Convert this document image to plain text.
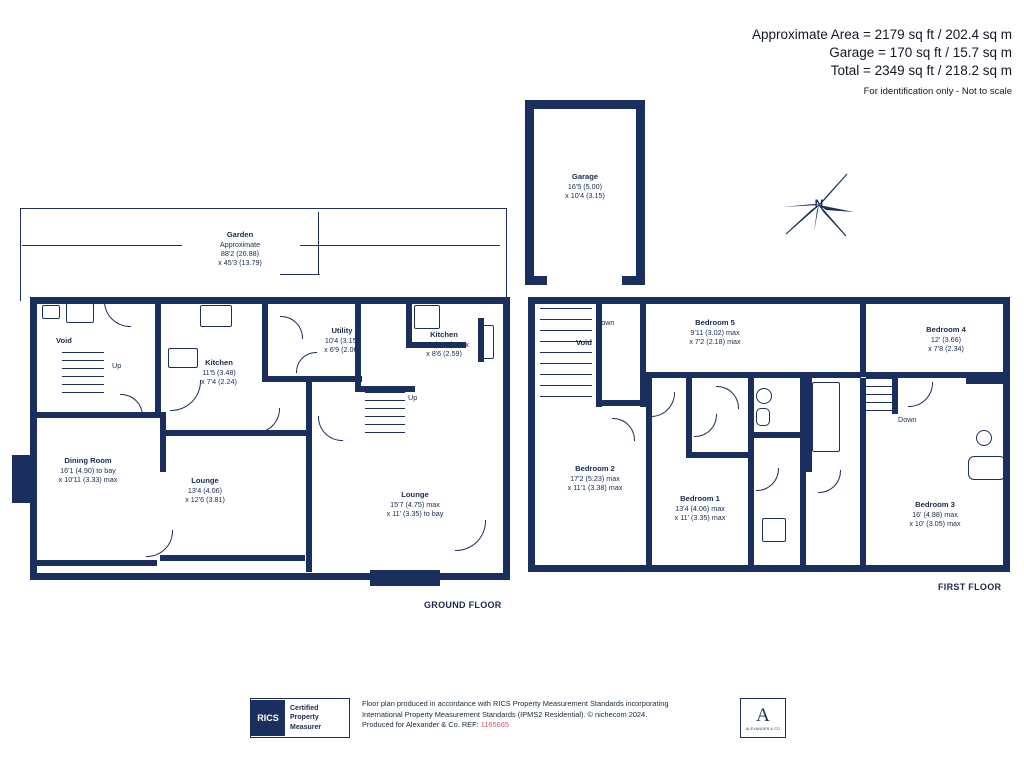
Approximate Area = 2179 sq ft / 202.4 sq m
Garage = 170 sq ft / 15.7 sq m
Total = 2349 sq ft / 218.2 sq m
For identification only - Not to scale
Garage
16'5 (5.00)
x 10'4 (3.15)
N
Garden
Approximate
88'2 (26.88)
x 45'3 (13.79)
Up
Up
Void
Kitchen
11'5 (3.48)
x 7'4 (2.24)
Utility
10'4 (3.15)
x 6'9 (2.06)
Kitchen
12'5 (3.78) max
x 8'6 (2.59)
Dining Room
16'1 (4.90) to bay
x 10'11 (3.33) max	Lounge
13'4 (4.06)
x 12'6 (3.81)
Lounge
15'7 (4.75) max
x 11' (3.35) to bay
GROUND FLOOR
Down
Down
Void
Bedroom 5
9'11 (3.02) max
x 7'2 (2.18) max
Bedroom 4
12' (3.66)
x 7'8 (2.34)
Bedroom 2
17'2 (5.23) max
x 11'1 (3.38) max
Bedroom 1
13'4 (4.06) max
x 11' (3.35) max
Bedroom 3
16' (4.88) max
x 10' (3.05) max
FIRST FLOOR
RICS
Certified
Property
Measurer
Floor plan produced in accordance with RICS Property Measurement Standards incorporating
International Property Measurement Standards (IPMS2 Residential). © nichecom 2024.
Produced for Alexander & Co. REF: 1165665	A
ALEXANDER & CO
